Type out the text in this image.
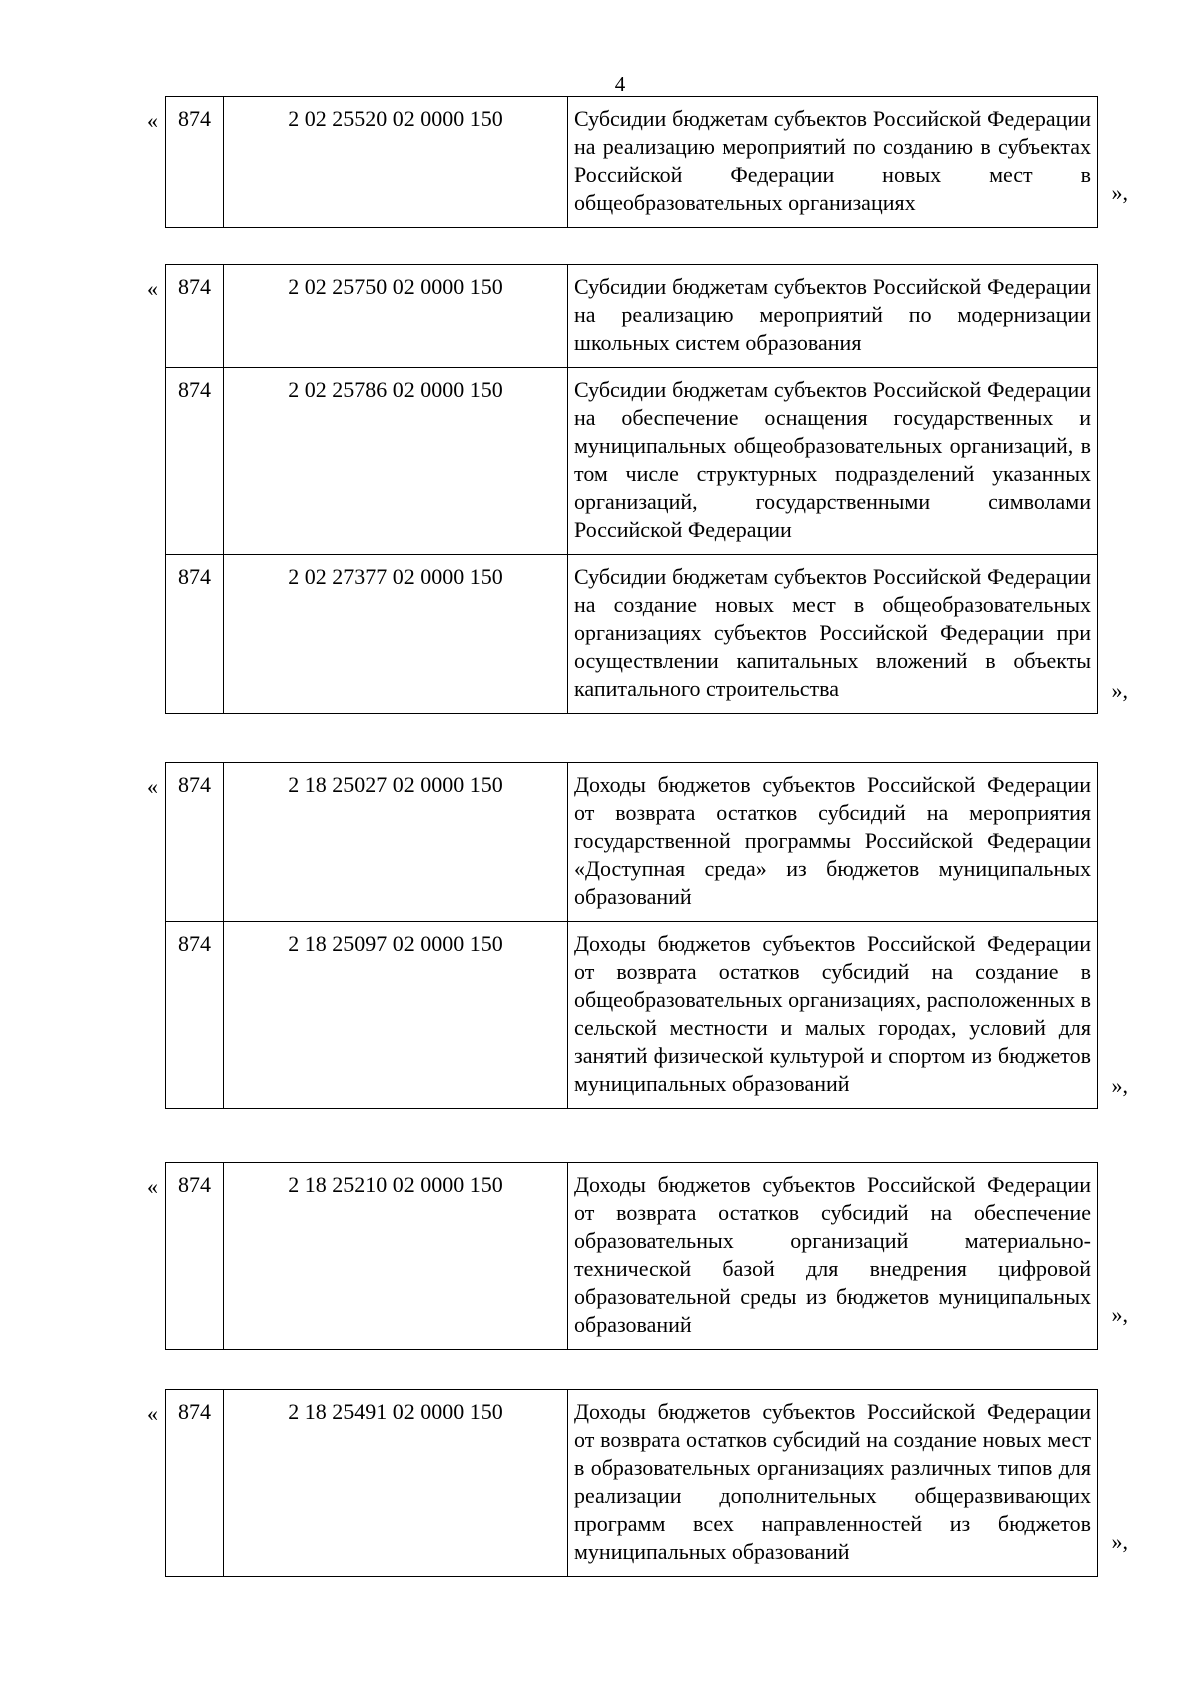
4
« 874	2 02 25520 02 0000 150	Субсидии бюджетам субъектов Российской Федерации на реализацию мероприятий по созданию в субъектах Российской Федерации новых мест в общеобразовательных организациях	»,
« 874	2 02 25750 02 0000 150	Субсидии бюджетам субъектов Российской Федерации на реализацию мероприятий по модернизации школьных систем образования
874	2 02 25786 02 0000 150	Субсидии бюджетам субъектов Российской Федерации на обеспечение оснащения государственных и муниципальных общеобразовательных организаций, в том числе структурных подразделений указанных организаций, государственными символами Российской Федерации
874	2 02 27377 02 0000 150	Субсидии бюджетам субъектов Российской Федерации на создание новых мест в общеобразовательных организациях субъектов Российской Федерации при осуществлении капитальных вложений в объекты капитального строительства	»,
« 874	2 18 25027 02 0000 150	Доходы бюджетов субъектов Российской Федерации от возврата остатков субсидий на мероприятия государственной программы Российской Федерации «Доступная среда» из бюджетов муниципальных образований
874	2 18 25097 02 0000 150	Доходы бюджетов субъектов Российской Федерации от возврата остатков субсидий на создание в общеобразовательных организациях, расположенных в сельской местности и малых городах, условий для занятий физической культурой и спортом из бюджетов муниципальных образований	»,
« 874	2 18 25210 02 0000 150	Доходы бюджетов субъектов Российской Федерации от возврата остатков субсидий на обеспечение образовательных организаций материально-технической базой для внедрения цифровой образовательной среды из бюджетов муниципальных образований	»,
« 874	2 18 25491 02 0000 150	Доходы бюджетов субъектов Российской Федерации от возврата остатков субсидий на создание новых мест в образовательных организациях различных типов для реализации дополнительных общеразвивающих программ всех направленностей из бюджетов муниципальных образований	»,
